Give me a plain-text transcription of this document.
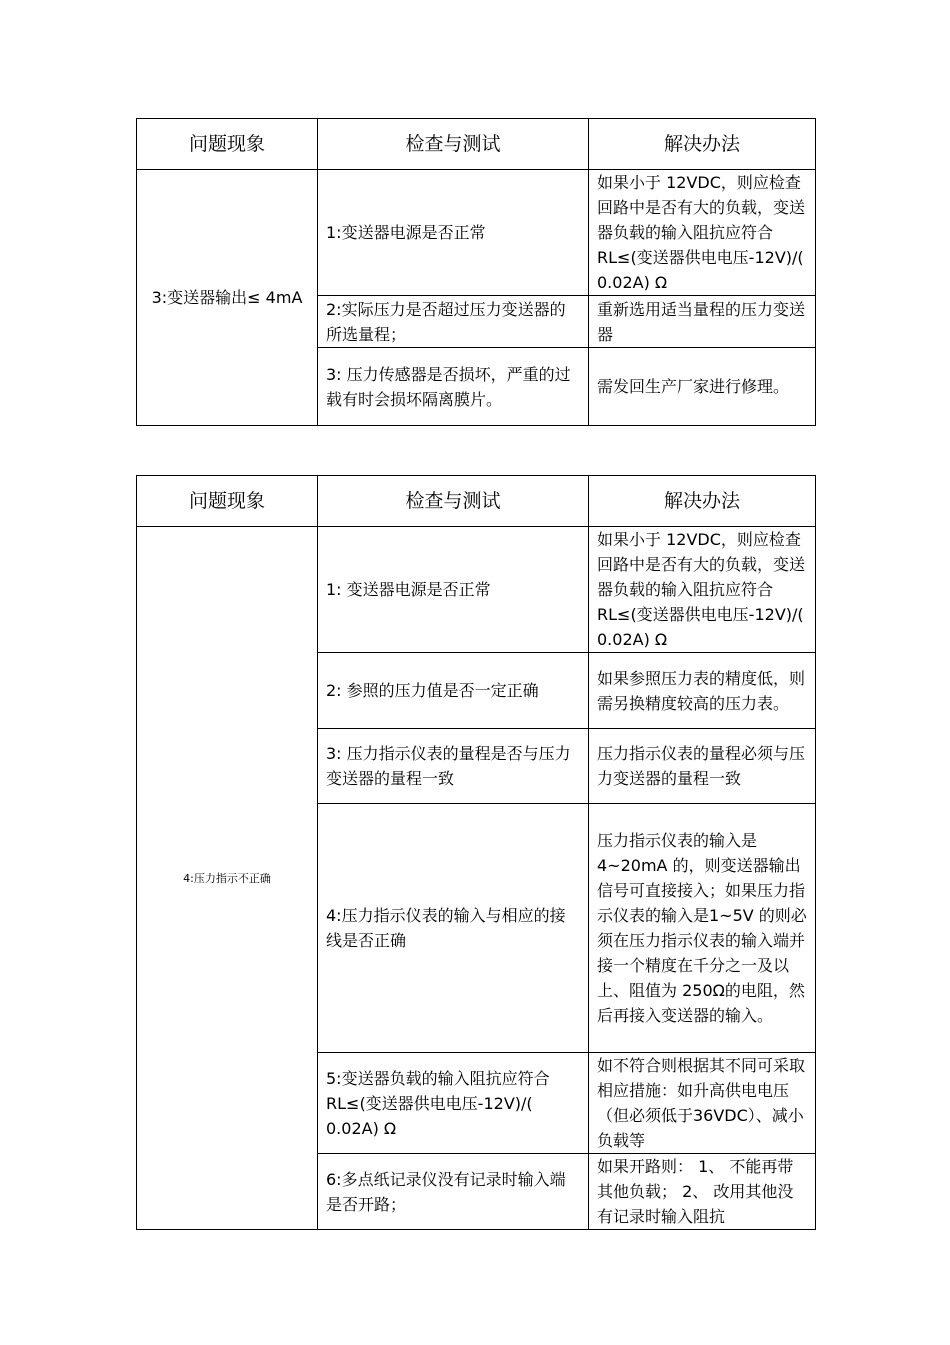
问题现象	检查与测试	解决办法
3:变送器输出≤ 4mA	1:变送器电源是否正常	如果小于 12VDC，则应检查回路中是否有大的负载，变送器负载的输入阻抗应符合 RL≤(变送器供电电压-12V)/( 0.02A) Ω
	2:实际压力是否超过压力变送器的所选量程；	重新选用适当量程的压力变送器
	3: 压力传感器是否损坏，严重的过载有时会损坏隔离膜片。	需发回生产厂家进行修理。
问题现象	检查与测试	解决办法
4:压力指示不正确	1: 变送器电源是否正常	如果小于 12VDC，则应检查回路中是否有大的负载，变送器负载的输入阻抗应符合 RL≤(变送器供电电压-12V)/( 0.02A) Ω
	2: 参照的压力值是否一定正确	如果参照压力表的精度低，则需另换精度较高的压力表。
	3: 压力指示仪表的量程是否与压力变送器的量程一致	压力指示仪表的量程必须与压力变送器的量程一致
	4:压力指示仪表的输入与相应的接线是否正确	压力指示仪表的输入是4~20mA 的，则变送器输出信号可直接接入；如果压力指示仪表的输入是1~5V 的则必须在压力指示仪表的输入端并接一个精度在千分之一及以上、阻值为 250Ω的电阻，然后再接入变送器的输入。
	5:变送器负载的输入阻抗应符合 RL≤(变送器供电电压-12V)/( 0.02A) Ω	如不符合则根据其不同可采取相应措施：如升高供电电压（但必须低于36VDC）、减小负载等
	6:多点纸记录仪没有记录时输入端是否开路；	如果开路则： 1、 不能再带其他负载； 2、 改用其他没有记录时输入阻抗
